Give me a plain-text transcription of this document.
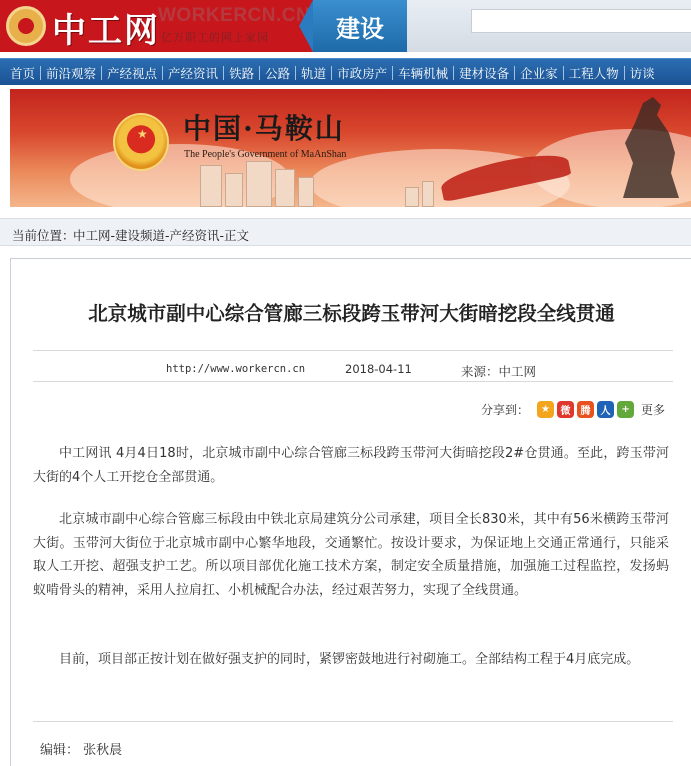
中工网
WORKERCN.CN
亿万职工的网上家园	建设
首页 前沿观察 产经视点 产经资讯 铁路 公路 轨道 市政房产 车辆机械 建材设备 企业家 工程人物 访谈
★ 中国·马鞍山
The People's Government of MaAnShan
当前位置：
中工网-建设频道-产经资讯-正文
北京城市副中心综合管廊三标段跨玉带河大街暗挖段全线贯通
http://www.workercn.cn	2018-04-11	来源：中工网
分享到：	★	微	腾	人	+ 更多
中工网讯 4月4日18时，北京城市副中心综合管廊三标段跨玉带河大街暗挖段2#仓贯通。至此，跨玉带河大街的4个人工开挖仓全部贯通。
北京城市副中心综合管廊三标段由中铁北京局建筑分公司承建，项目全长830米，其中有56米横跨玉带河大街。玉带河大街位于北京城市副中心繁华地段，交通繁忙。按设计要求，为保证地上交通正常通行，只能采取人工开挖、超强支护工艺。所以项目部优化施工技术方案，制定安全质量措施，加强施工过程监控，发扬蚂蚁啃骨头的精神，采用人拉肩扛、小机械配合办法，经过艰苦努力，实现了全线贯通。
目前，项目部正按计划在做好强支护的同时，紧锣密鼓地进行衬砌施工。全部结构工程于4月底完成。
编辑： 张秋晨
